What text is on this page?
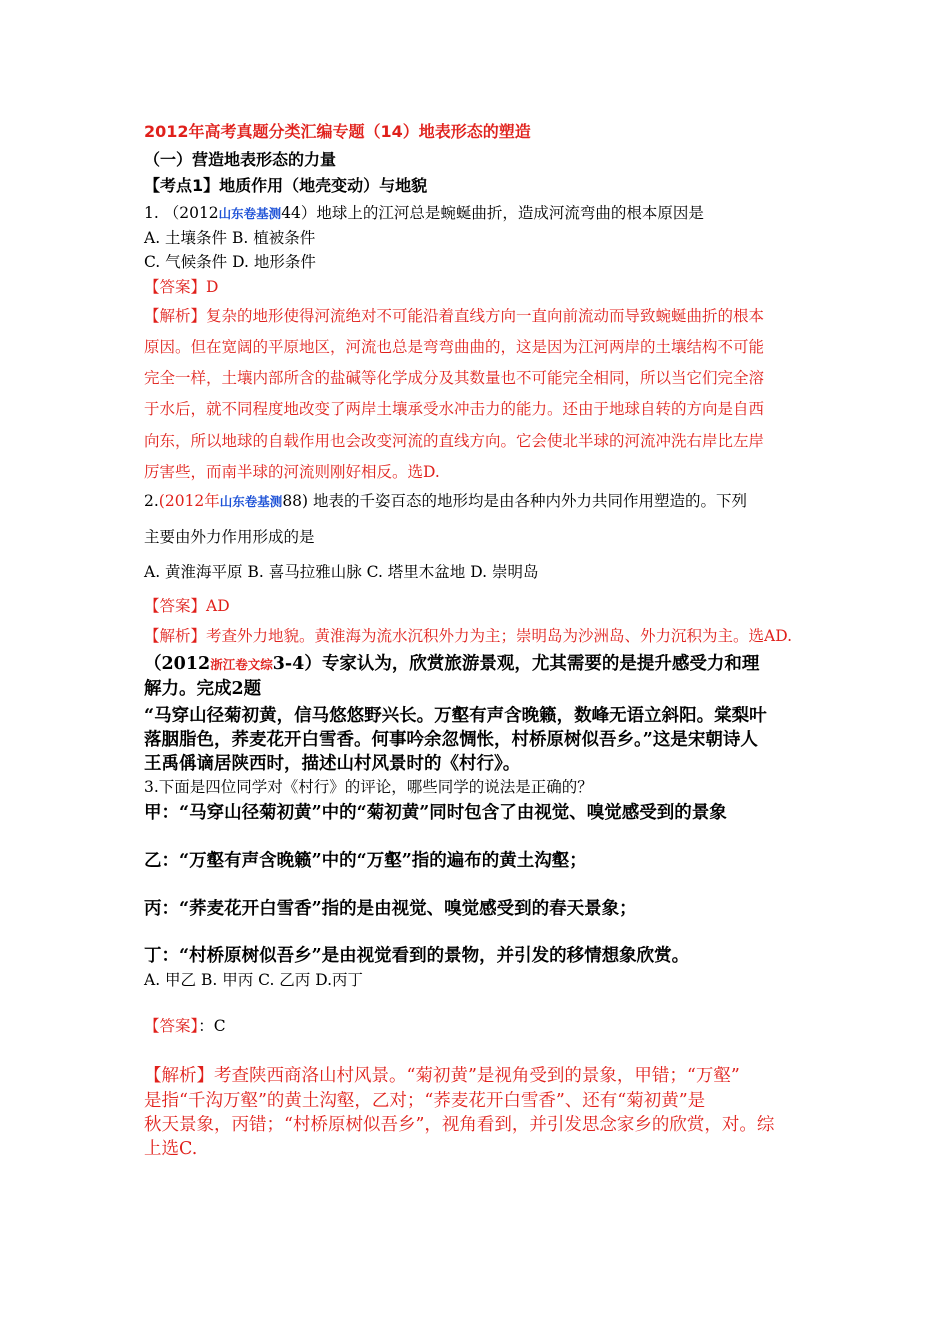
2012年高考真题分类汇编专题（14）地表形态的塑造
（一）营造地表形态的力量
【考点1】地质作用（地壳变动）与地貌
1. （2012山东卷基测44）地球上的江河总是蜿蜒曲折，造成河流弯曲的根本原因是
A. 土壤条件 B. 植被条件
C. 气候条件 D. 地形条件
【答案】D
【解析】复杂的地形使得河流绝对不可能沿着直线方向一直向前流动而导致蜿蜒曲折的根本
原因。但在宽阔的平原地区，河流也总是弯弯曲曲的，这是因为江河两岸的土壤结构不可能
完全一样，土壤内部所含的盐碱等化学成分及其数量也不可能完全相同，所以当它们完全溶
于水后，就不同程度地改变了两岸土壤承受水冲击力的能力。还由于地球自转的方向是自西
向东，所以地球的自载作用也会改变河流的直线方向。它会使北半球的河流冲洗右岸比左岸
厉害些，而南半球的河流则刚好相反。选D.
2.(2012年山东卷基测88) 地表的千姿百态的地形均是由各种内外力共同作用塑造的。下列
主要由外力作用形成的是
A. 黄淮海平原 B. 喜马拉雅山脉 C. 塔里木盆地 D. 崇明岛
【答案】AD
【解析】考查外力地貌。黄淮海为流水沉积外力为主；崇明岛为沙洲岛、外力沉积为主。选AD.
（2012浙江卷文综3-4）专家认为，欣赏旅游景观，尤其需要的是提升感受力和理
解力。完成2题
“马穿山径菊初黄，信马悠悠野兴长。万壑有声含晚籁，数峰无语立斜阳。棠梨叶
落胭脂色，荞麦花开白雪香。何事吟余忽惆怅，村桥原树似吾乡。”这是宋朝诗人
王禹偁谪居陕西时，描述山村风景时的《村行》。
3.下面是四位同学对《村行》的评论，哪些同学的说法是正确的？
甲：“马穿山径菊初黄”中的“菊初黄”同时包含了由视觉、嗅觉感受到的景象
乙：“万壑有声含晚籁”中的“万壑”指的遍布的黄土沟壑；
丙：“荞麦花开白雪香”指的是由视觉、嗅觉感受到的春天景象；
丁：“村桥原树似吾乡”是由视觉看到的景物，并引发的移情想象欣赏。
A. 甲乙 B. 甲丙 C. 乙丙 D.丙丁
【答案】：C
【解析】考查陕西商洛山村风景。“菊初黄”是视角受到的景象，甲错；“万壑”
是指“千沟万壑”的黄土沟壑，乙对；“荞麦花开白雪香”、还有“菊初黄”是
秋天景象，丙错；“村桥原树似吾乡”，视角看到，并引发思念家乡的欣赏，对。综
上选C.
